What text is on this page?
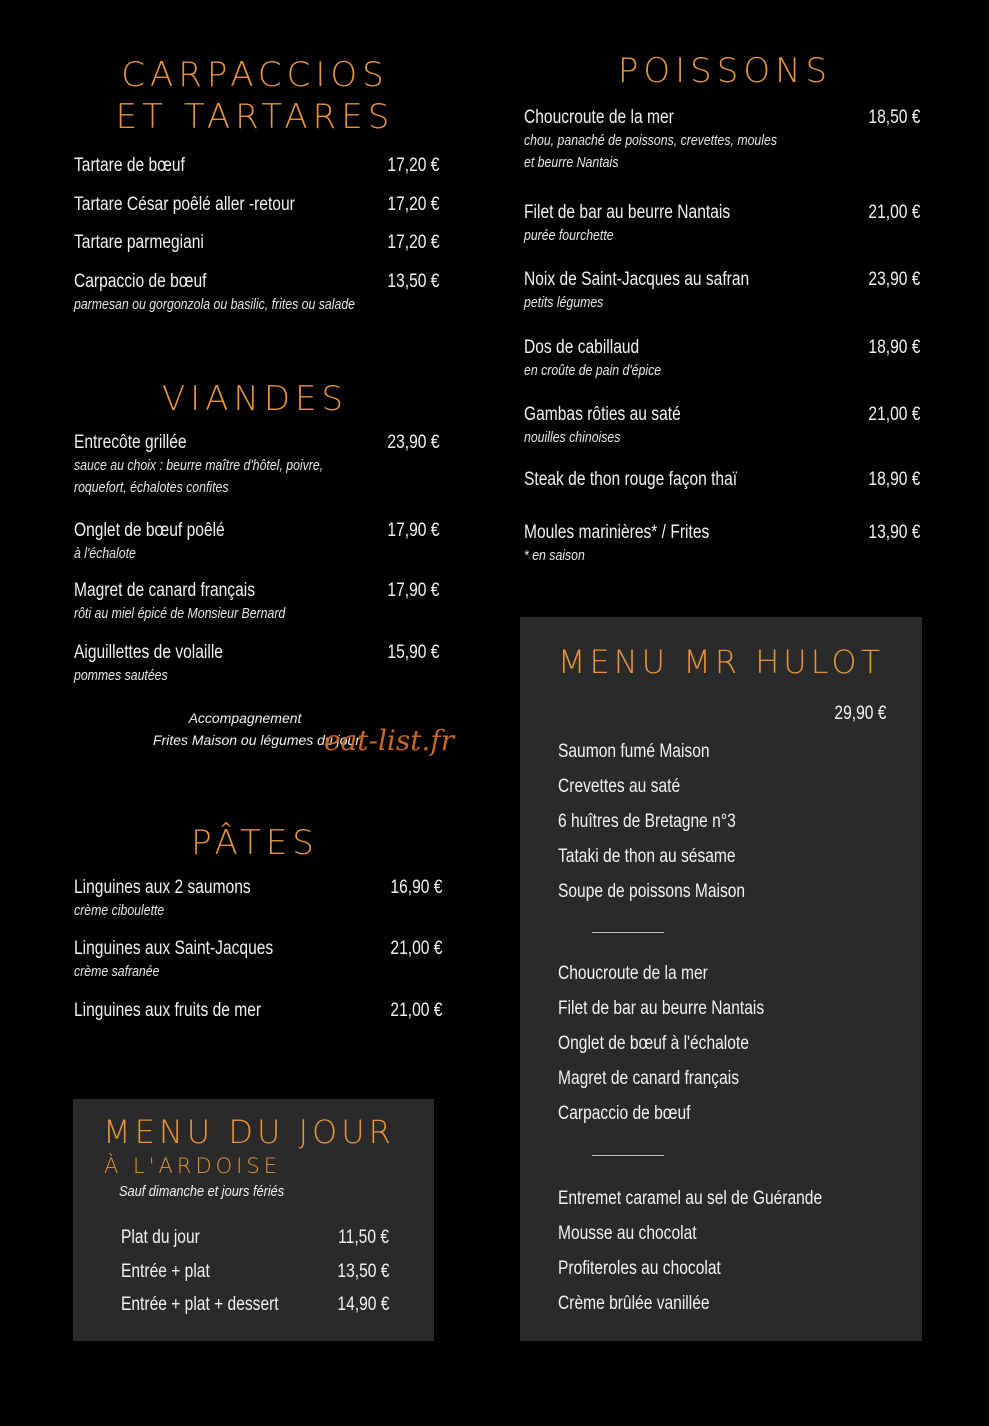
CARPACCIOS
ET TARTARES
Tartare de bœuf	17,20 €
Tartare César poêlé aller -retour	17,20 €
Tartare parmegiani	17,20 €
Carpaccio de bœuf
parmesan ou gorgonzola ou basilic, frites ou salade
13,50 €
VIANDES
Entrecôte grillée
sauce au choix : beurre maître d'hôtel, poivre,
roquefort, échalotes confites
23,90 €
Onglet de bœuf poêlé
à l'échalote
17,90 €
Magret de canard français
rôti au miel épicé de Monsieur Bernard
17,90 €
Aiguillettes de volaille
pommes sautées
15,90 €
Accompagnement
Frites Maison ou légumes du jour
eat-list.fr
PÂTES
Linguines aux 2 saumons
crème ciboulette
16,90 €
Linguines aux Saint-Jacques
crème safranée
21,00 €
Linguines aux fruits de mer	21,00 €
MENU DU JOUR
À L'ARDOISE
Sauf dimanche et jours fériés
Plat du jour	11,50 €
Entrée + plat	13,50 €
Entrée + plat + dessert	14,90 €
POISSONS
Choucroute de la mer
chou, panaché de poissons, crevettes, moules
et beurre Nantais
18,50 €
Filet de bar au beurre Nantais
purée fourchette
21,00 €
Noix de Saint-Jacques au safran
petits légumes
23,90 €
Dos de cabillaud
en croûte de pain d'épice
18,90 €
Gambas rôties au saté
nouilles chinoises
21,00 €
Steak de thon rouge façon thaï	18,90 €
Moules marinières* / Frites
* en saison
13,90 €
MENU MR HULOT
29,90 €
Saumon fumé Maison
Crevettes au saté
6 huîtres de Bretagne n°3
Tataki de thon au sésame
Soupe de poissons Maison
Choucroute de la mer
Filet de bar au beurre Nantais
Onglet de bœuf à l'échalote
Magret de canard français
Carpaccio de bœuf
Entremet caramel au sel de Guérande
Mousse au chocolat
Profiteroles au chocolat
Crème brûlée vanillée
